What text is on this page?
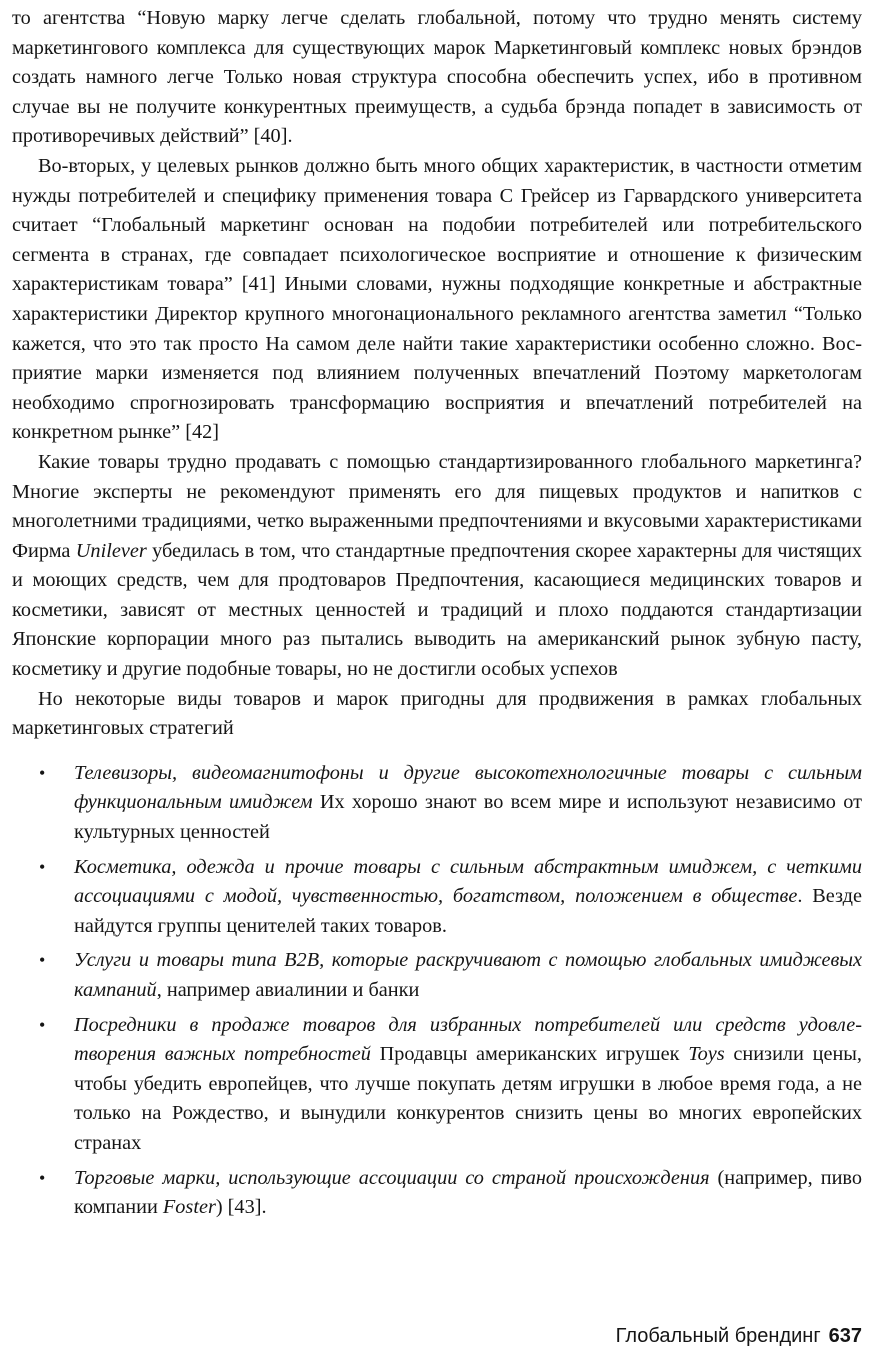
то агентства “Новую марку легче сделать глобальной, потому что трудно менять систему маркетингового комплекса для существующих марок Маркетинговый комплекс новых брэндов создать намного легче Только новая структура способна обеспечить успех, ибо в противном случае вы не получите конкурентных преимуществ, а судьба брэнда попадет в зависимость от противоречивых действий” [40].

Во-вторых, у целевых рынков должно быть много общих характеристик, в частности отметим нужды потребителей и специфику применения товара С Грейсер из Гарвардского университета считает “Глобальный маркетинг основан на подобии потребителей или потребительского сегмента в странах, где совпадает психологическое восприятие и отношение к физическим характеристикам товара” [41] Иными словами, нужны подходящие конкретные и абстрактные характеристики Директор крупного многонационального рекламного агентства заметил “Только кажется, что это так просто На самом деле найти такие характеристики особенно сложно. Восприятие марки изменяется под влиянием полученных впечатлений Поэтому маркетологам необходимо спрогнозировать трансформацию восприятия и впечатлений потребителей на конкретном рынке” [42]

Какие товары трудно продавать с помощью стандартизированного глобального маркетинга? Многие эксперты не рекомендуют применять его для пищевых продуктов и напитков с многолетними традициями, четко выраженными предпочтениями и вкусовыми характеристиками Фирма Unilever убедилась в том, что стандартные предпочтения скорее характерны для чистящих и моющих средств, чем для продтоваров Предпочтения, касающиеся медицинских товаров и косметики, зависят от местных ценностей и традиций и плохо поддаются стандартизации Японские корпорации много раз пытались выводить на американский рынок зубную пасту, косметику и другие подобные товары, но не достигли особых успехов

Но некоторые виды товаров и марок пригодны для продвижения в рамках глобальных маркетинговых стратегий

• Телевизоры, видеомагнитофоны и другие высокотехнологичные товары с сильным функциональным имиджем Их хорошо знают во всем мире и используют независимо от культурных ценностей
• Косметика, одежда и прочие товары с сильным абстрактным имиджем, с четкими ассоциациями с модой, чувственностью, богатством, положением в обществе. Везде найдутся группы ценителей таких товаров.
• Услуги и товары типа B2B, которые раскручивают с помощью глобальных имиджевых кампаний, например авиалинии и банки
• Посредники в продаже товаров для избранных потребителей или средств удовлетворения важных потребностей Продавцы американских игрушек Toys снизили цены, чтобы убедить европейцев, что лучше покупать детям игрушки в любое время года, а не только на Рождество, и вынудили конкурентов снизить цены во многих европейских странах
• Торговые марки, использующие ассоциации со страной происхождения (например, пиво компании Foster) [43].
Глобальный брендинг 637
